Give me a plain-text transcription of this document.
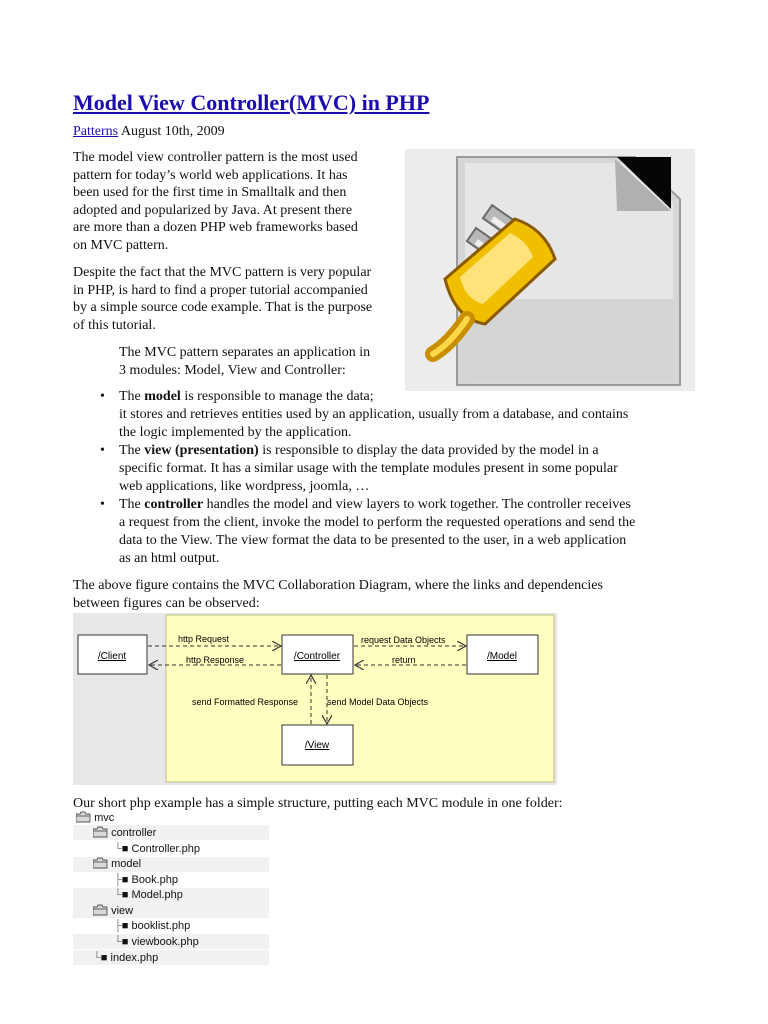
Model View Controller(MVC) in PHP
Patterns August 10th, 2009
The model view controller pattern is the most used
pattern for today’s world web applications. It has
been used for the first time in Smalltalk and then
adopted and popularized by Java. At present there
are more than a dozen PHP web frameworks based
on MVC pattern.
Despite the fact that the MVC pattern is very popular
in PHP, is hard to find a proper tutorial accompanied
by a simple source code example. That is the purpose
of this tutorial.
The MVC pattern separates an application in
3 modules: Model, View and Controller:
• The model is responsible to manage the data;
it stores and retrieves entities used by an application, usually from a database, and contains
the logic implemented by the application.
• The view (presentation) is responsible to display the data provided by the model in a
specific format. It has a similar usage with the template modules present in some popular
web applications, like wordpress, joomla, …
• The controller handles the model and view layers to work together. The controller receives
a request from the client, invoke the model to perform the requested operations and send the
data to the View. The view format the data to be presented to the user, in a web application
as an html output.
The above figure contains the MVC Collaboration Diagram, where the links and dependencies
between figures can be observed:
/Client	/Controller	/Model
/View
http Request
http Response
request Data Objects
return
send Formatted Response	send Model Data Objects
Our short php example has a simple structure, putting each MVC module in one folder:
mvc
controller
└■ Controller.php
model
├■ Book.php
└■ Model.php
view
├■ booklist.php
└■ viewbook.php
└■ index.php
